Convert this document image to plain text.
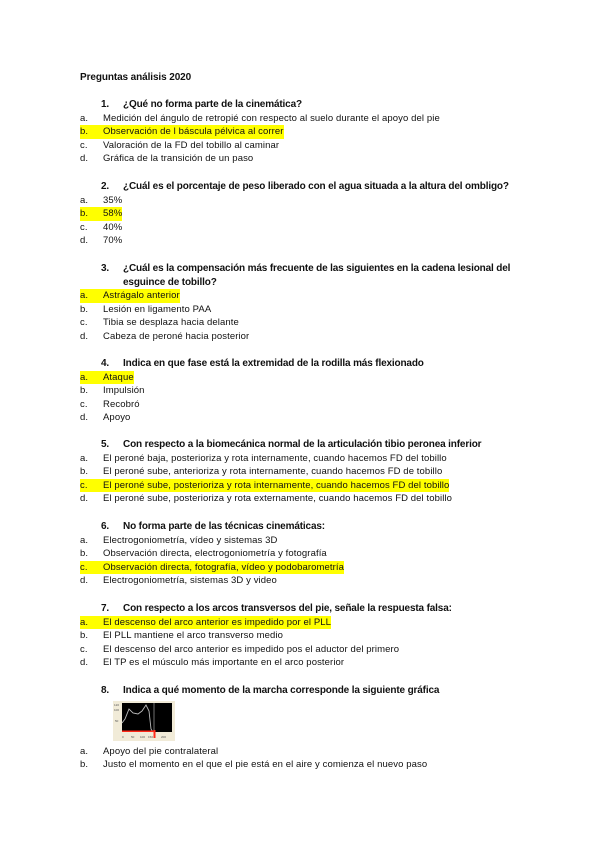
Preguntas análisis 2020
1.	¿Qué no forma parte de la cinemática?
a.	Medición del ángulo de retropié con respecto al suelo durante el apoyo del pie
b.	Observación de l báscula pélvica al correr
c.	Valoración de la FD del tobillo al caminar
d.	Gráfica de la transición de un paso
2.	¿Cuál es el porcentaje de peso liberado con el agua situada a la altura del ombligo?
a.	35%
b.	58%
c.	40%
d.	70%
3.	¿Cuál es la compensación más frecuente de las siguientes en la cadena lesional del esguince de tobillo?
a.	Astrágalo anterior
b.	Lesión en ligamento PAA
c.	Tibia se desplaza hacia delante
d.	Cabeza de peroné hacia posterior
4.	Indica en que fase está la extremidad de la rodilla más flexionado
a.	Ataque
b.	Impulsión
c.	Recobró
d.	Apoyo
5.	Con respecto a la biomecánica normal de la articulación tibio peronea inferior
a.	El peroné baja, posterioriza y rota internamente, cuando hacemos FD del tobillo
b.	El peroné sube, anterioriza y rota internamente, cuando hacemos FD de tobillo
c.	El peroné sube, posterioriza y rota internamente, cuando hacemos FD del tobillo
d.	El peroné sube, posterioriza y rota externamente, cuando hacemos FD del tobillo
6.	No forma parte de las técnicas cinemáticas:
a.	Electrogoniometría, vídeo y sistemas 3D
b.	Observación directa, electrogoniometría y fotografía
c.	Observación directa, fotografía, vídeo y podobarometría
d.	Electrogoniometría, sistemas 3D y video
7.	Con respecto a los arcos transversos del pie, señale la respuesta falsa:
a.	El descenso del arco anterior es impedido por el PLL
b.	El PLL mantiene el arco transverso medio
c.	El descenso del arco anterior es impedido pos el aductor del primero
d.	El TP es el músculo más importante en el arco posterior
8.	Indica a qué momento de la marcha corresponde la siguiente gráfica
120
100
50
0 50 100 150	200
a.	Apoyo del pie contralateral
b.	Justo el momento en el que el pie está en el aire y comienza el nuevo paso
